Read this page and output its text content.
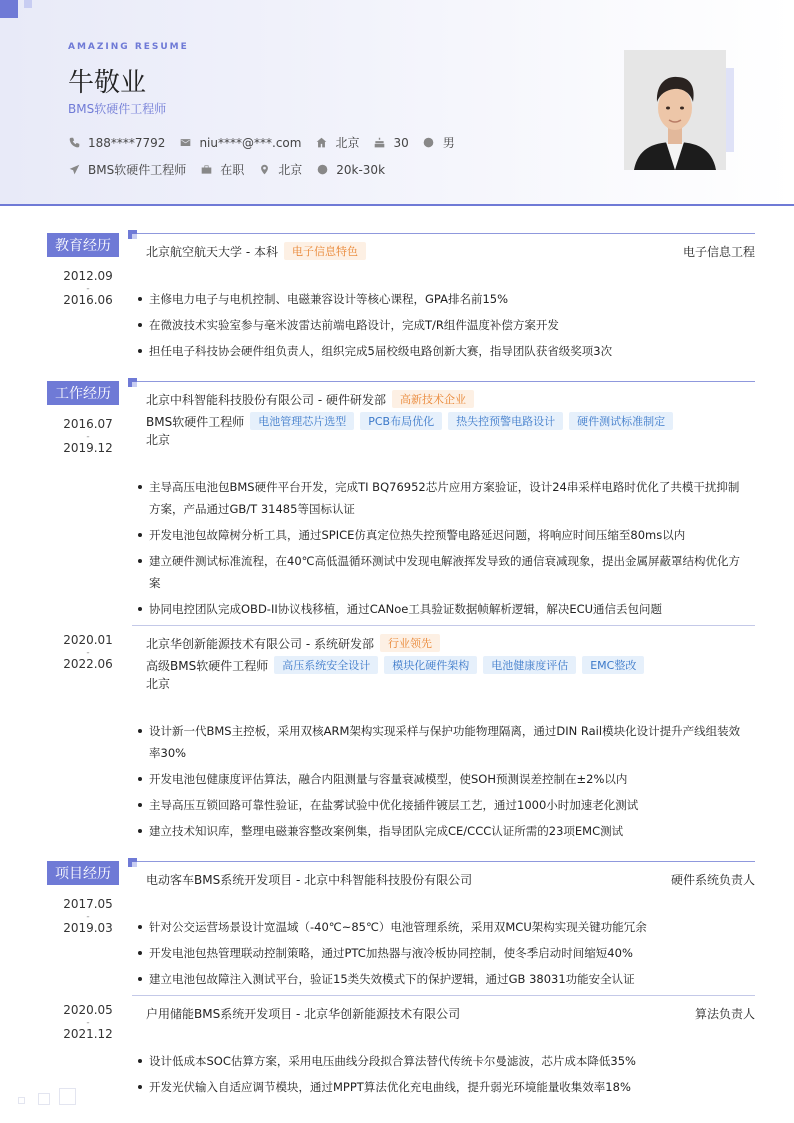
AMAZING RESUME
牛敬业
BMS软硬件工程师
188****7792	niu****@***.com	北京	30	男
BMS软硬件工程师	在职	北京	20k-30k
教育经历
2012.09
-
2016.06
北京航空航天大学 - 本科	电子信息特色	电子信息工程
主修电力电子与电机控制、电磁兼容设计等核心课程，GPA排名前15%
在微波技术实验室参与毫米波雷达前端电路设计，完成T/R组件温度补偿方案开发
担任电子科技协会硬件组负责人，组织完成5届校级电路创新大赛，指导团队获省级奖项3次
工作经历
2016.07
-
2019.12
北京中科智能科技股份有限公司 - 硬件研发部	高新技术企业
BMS软硬件工程师	电池管理芯片选型	PCB布局优化	热失控预警电路设计	硬件测试标准制定
北京
主导高压电池包BMS硬件平台开发，完成TI BQ76952芯片应用方案验证，设计24串采样电路时优化了共模干扰抑制方案，产品通过GB/T 31485等国标认证
开发电池包故障树分析工具，通过SPICE仿真定位热失控预警电路延迟问题，将响应时间压缩至80ms以内
建立硬件测试标准流程，在40℃高低温循环测试中发现电解液挥发导致的通信衰减现象，提出金属屏蔽罩结构优化方案
协同电控团队完成OBD-II协议栈移植，通过CANoe工具验证数据帧解析逻辑，解决ECU通信丢包问题
2020.01
-
2022.06
北京华创新能源技术有限公司 - 系统研发部	行业领先
高级BMS软硬件工程师	高压系统安全设计	模块化硬件架构	电池健康度评估	EMC整改
北京
设计新一代BMS主控板，采用双核ARM架构实现采样与保护功能物理隔离，通过DIN Rail模块化设计提升产线组装效率30%
开发电池包健康度评估算法，融合内阻测量与容量衰减模型，使SOH预测误差控制在±2%以内
主导高压互锁回路可靠性验证，在盐雾试验中优化接插件镀层工艺，通过1000小时加速老化测试
建立技术知识库，整理电磁兼容整改案例集，指导团队完成CE/CCC认证所需的23项EMC测试
项目经历
2017.05
-
2019.03
电动客车BMS系统开发项目 - 北京中科智能科技股份有限公司	硬件系统负责人
针对公交运营场景设计宽温域（-40℃~85℃）电池管理系统，采用双MCU架构实现关键功能冗余
开发电池包热管理联动控制策略，通过PTC加热器与液冷板协同控制，使冬季启动时间缩短40%
建立电池包故障注入测试平台，验证15类失效模式下的保护逻辑，通过GB 38031功能安全认证
2020.05
-
2021.12
户用储能BMS系统开发项目 - 北京华创新能源技术有限公司	算法负责人
设计低成本SOC估算方案，采用电压曲线分段拟合算法替代传统卡尔曼滤波，芯片成本降低35%
开发光伏输入自适应调节模块，通过MPPT算法优化充电曲线，提升弱光环境能量收集效率18%
